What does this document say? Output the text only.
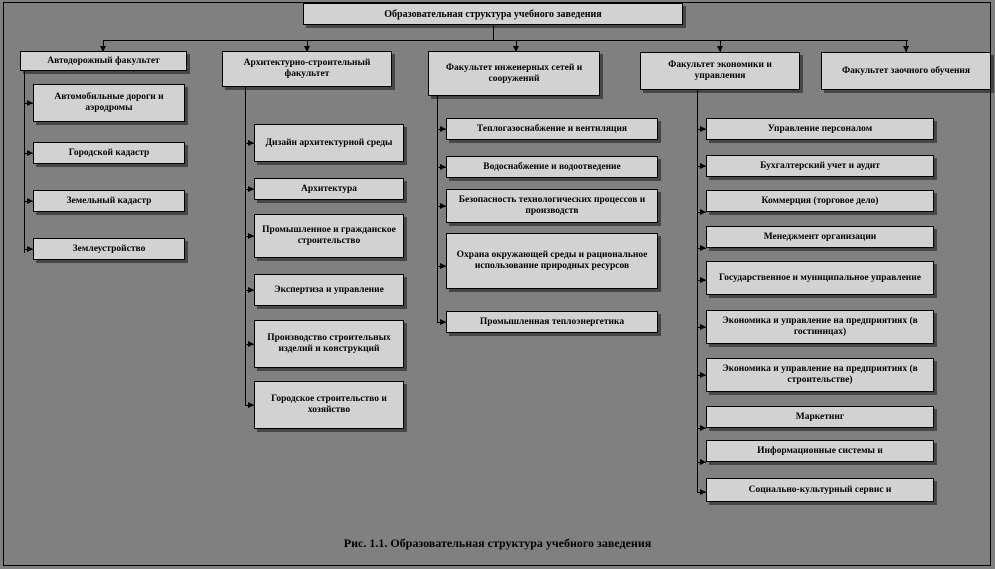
Образовательная структура учебного заведения
Автодорожный факультет
Автомобильные дороги и аэродромы
Городской кадастр
Земельный кадастр
Землеустройство
Архитектурно-строительный факультет
Дизайн архитектурной среды
Архитектура
Промышленное и гражданское строительство
Экспертиза и управление
Производство строительных изделий и конструкций
Городское строительство и хозяйство
Факультет инженерных сетей и сооружений
Теплогазоснабжение и вентиляция
Водоснабжение и водоотведение
Безопасность технологических процессов и производств
Охрана окружающей среды и рациональное использование природных ресурсов
Промышленная теплоэнергетика
Факультет экономики и управления
Управление персоналом
Бухгалтерский учет и аудит
Коммерция (торговое дело)
Менеджмент организации
Государственное и муниципальное управление
Экономика и управление на предприятиях (в гостиницах)
Экономика и управление на предприятиях (в строительстве)
Маркетинг
Информационные системы и
Социально-культурный сервис и
Факультет заочного обучения
Рис. 1.1. Образовательная структура учебного заведения
